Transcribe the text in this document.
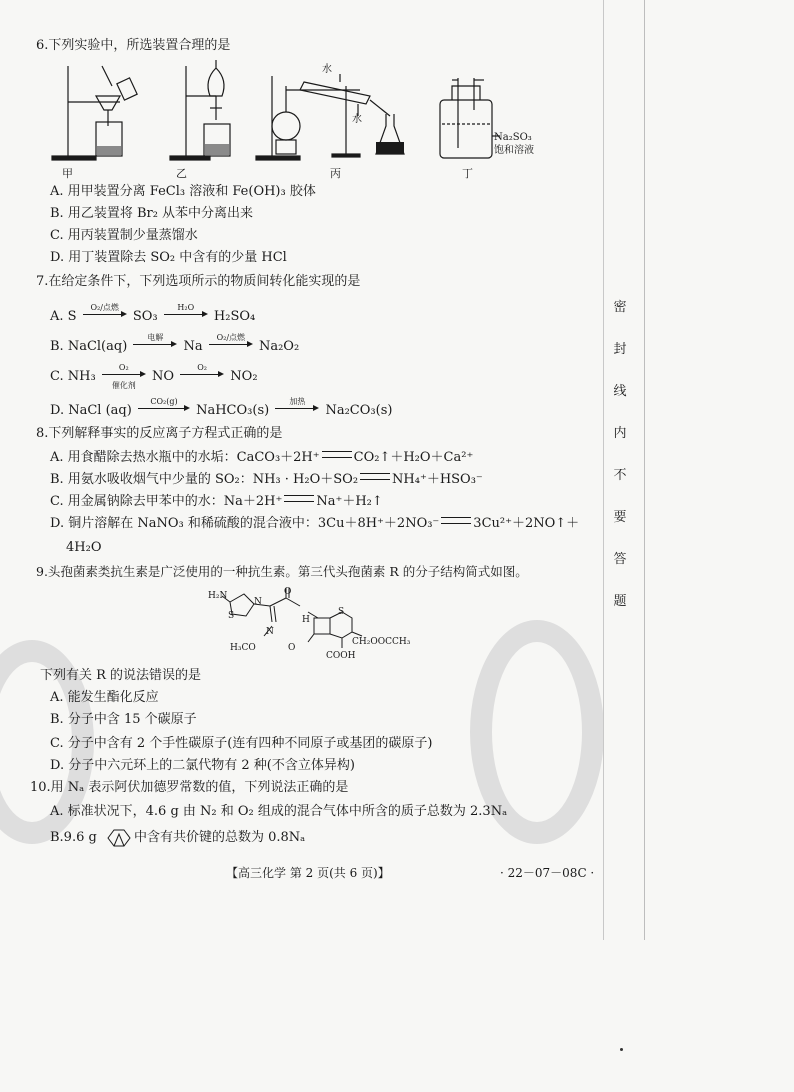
密
封
线
内
不
要
答
题
6.下列实验中，所选装置合理的是
甲	乙	丙	丁
水
水
Na₂SO₃
饱和溶液
A. 用甲装置分离 FeCl₃ 溶液和 Fe(OH)₃ 胶体
B. 用乙装置将 Br₂ 从苯中分离出来
C. 用丙装置制少量蒸馏水
D. 用丁装置除去 SO₂ 中含有的少量 HCl
7.在给定条件下，下列选项所示的物质间转化能实现的是
A. S
O₂/点燃
SO₃
H₂O
H₂SO₄
B. NaCl(aq)
电解
Na
O₂/点燃
Na₂O₂
C. NH₃
O₂
催化剂
NO
O₂
NO₂
D. NaCl (aq)
CO₂(g)
NaHCO₃(s)
加热
Na₂CO₃(s)
8.下列解释事实的反应离子方程式正确的是
A. 用食醋除去热水瓶中的水垢：CaCO₃＋2H⁺	CO₂↑＋H₂O＋Ca²⁺
B. 用氨水吸收烟气中少量的 SO₂：NH₃ · H₂O＋SO₂	NH₄⁺＋HSO₃⁻
C. 用金属钠除去甲苯中的水：Na＋2H⁺	Na⁺＋H₂↑
D. 铜片溶解在 NaNO₃ 和稀硫酸的混合液中：3Cu＋8H⁺＋2NO₃⁻	3Cu²⁺＋2NO↑＋
4H₂O
9.头孢菌素类抗生素是广泛使用的一种抗生素。第三代头孢菌素 R 的分子结构简式如图。
H₂N
S
N
O
H
S
N
H₃CO	O
CH₂OOCCH₃
COOH
下列有关 R 的说法错误的是
A. 能发生酯化反应
B. 分子中含 15 个碳原子
C. 分子中含有 2 个手性碳原子(连有四种不同原子或基团的碳原子)
D. 分子中六元环上的二氯代物有 2 种(不含立体异构)
10.用 Nₐ 表示阿伏加德罗常数的值，下列说法正确的是
A. 标准状况下，4.6 g 由 N₂ 和 O₂ 组成的混合气体中所含的质子总数为 2.3Nₐ
B.9.6 g	中含有共价键的总数为 0.8Nₐ
【高三化学 第 2 页(共 6 页)】	· 22－07－08C ·
